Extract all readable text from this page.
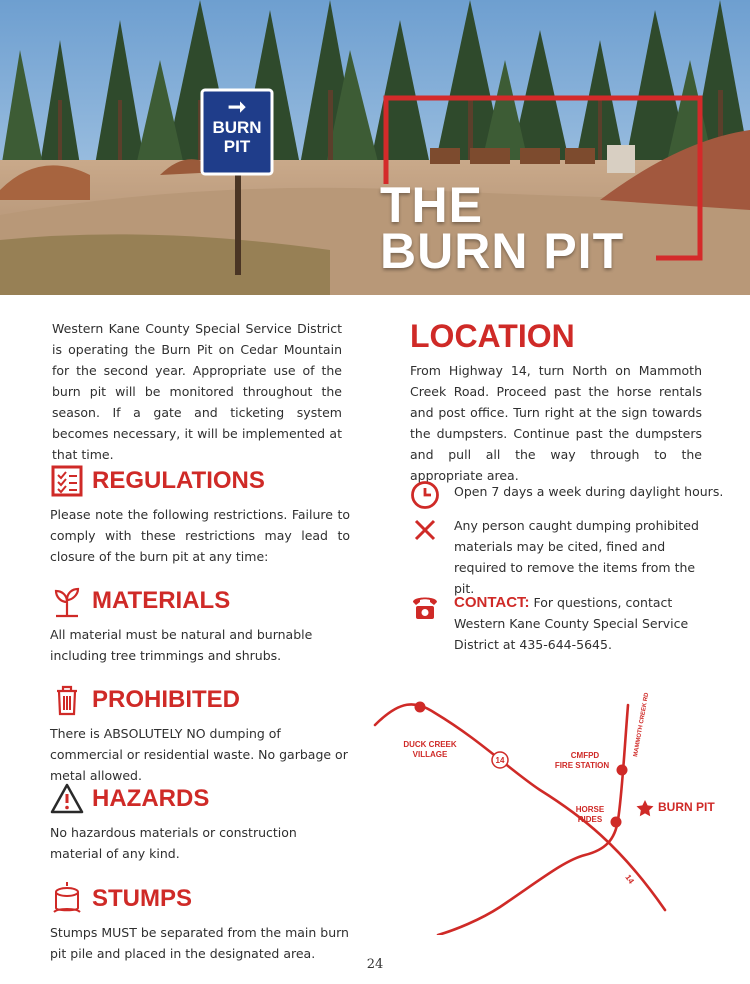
➞
BURN
PIT
THE
BURN PIT

Western Kane County Special Service District is operating the Burn Pit on Cedar Mountain for the second year. Appropriate use of the burn pit will be monitored throughout the season. If a gate and ticketing system becomes necessary, it will be implemented at that time.

REGULATIONS

Please note the following restrictions. Failure to comply with these restrictions may lead to closure of the burn pit at any time:

MATERIALS

All material must be natural and burnable including tree trimmings and shrubs.

PROHIBITED

There is ABSOLUTELY NO dumping of commercial or residential waste. No garbage or metal allowed.

HAZARDS

No hazardous materials or construction material of any kind.

STUMPS

Stumps MUST be separated from the main burn pit pile and placed in the designated area.

LOCATION

From Highway 14, turn North on Mammoth Creek Road. Proceed past the horse rentals and post office. Turn right at the sign towards the dumpsters. Continue past the dumpsters and pull all the way through to the appropriate area.

Open 7 days a week during daylight hours.
Any person caught dumping prohibited materials may be cited, fined and required to remove the items from the pit.
CONTACT: For questions, contact Western Kane County Special Service District at 435-644-5645.
14
DUCK CREEK
VILLAGE	CMFPD
FIRE STATION
HORSE
RIDES
MAMMOTH CREEK RD
14
BURN PIT
24
